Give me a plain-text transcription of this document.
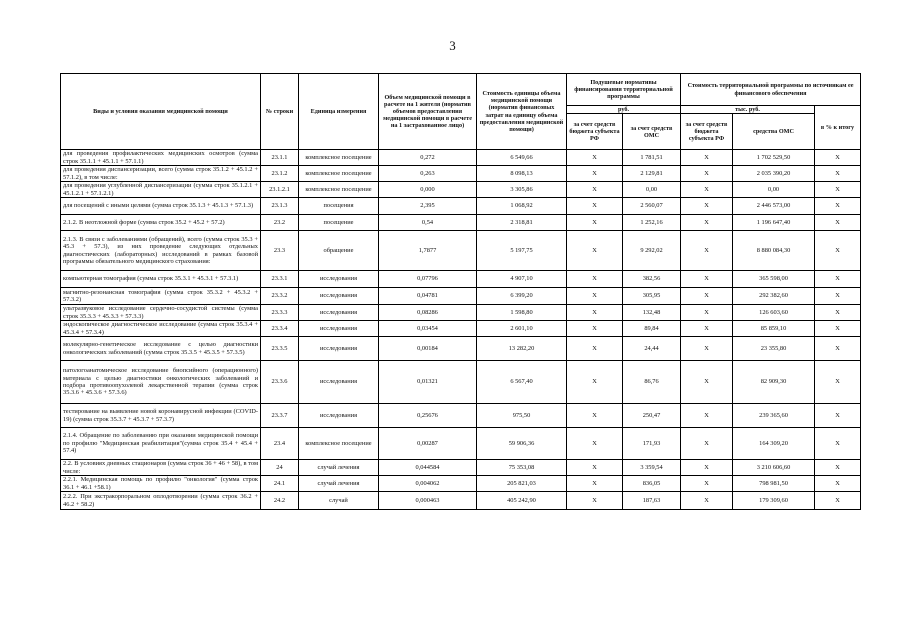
3
Виды и условия оказания медицинской помощи	№ строки	Единица измерения	Объем медицинской помощи в расчете на 1 жителя (норматив объемов предоставления медицинской помощи в расчете на 1 застрахованное лицо)	Стоимость единицы объема медицинской помощи (норматив финансовых затрат на единицу объема предоставления медицинской помощи)	Подушевые нормативы финансирования территориальной программы		Стоимость территориальной программы по источникам ее финансового обеспечения		
					руб.		тыс. руб.		в % к итогу
					за счет средств бюджета субъекта РФ	за счет средств ОМС	за счет средств бюджета субъекта РФ	средства ОМС	
для проведения профилактических медицинских осмотров (сумма строк 35.1.1 + 45.1.1 + 57.1.1)	23.1.1	комплексное посещение	0,272	6 549,66	X	1 781,51	X	1 702 529,50	X
для проведения диспансеризации, всего (сумма строк 35.1.2 + 45.1.2 + 57.1.2), в том числе:	23.1.2	комплексное посещение	0,263	8 098,13	X	2 129,81	X	2 035 390,20	X
для проведения углубленной диспансеризации (сумма строк 35.1.2.1 + 45.1.2.1 + 57.1.2.1)	23.1.2.1	комплексное посещение	0,000	3 305,86	X	0,00	X	0,00	X
для посещений с иными целями (сумма строк 35.1.3 + 45.1.3 + 57.1.3)	23.1.3	посещения	2,395	1 068,92	X	2 560,07	X	2 446 573,00	X
2.1.2. В неотложной форме (сумма строк 35.2 + 45.2 + 57.2)	23.2	посещение	0,54	2 318,81	X	1 252,16	X	1 196 647,40	X
2.1.3. В связи с заболеваниями (обращений), всего (сумма строк 35.3 + 45.3 + 57.3), из них проведение следующих отдельных диагностических (лабораторных) исследований в рамках базовой программы обязательного медицинского страхования:	23.3	обращение	1,7877	5 197,75	X	9 292,02	X	8 880 084,30	X
компьютерная томография (сумма строк 35.3.1 + 45.3.1 + 57.3.1)	23.3.1	исследования	0,07796	4 907,10	X	382,56	X	365 598,00	X
магнитно-резонансная томография (сумма строк 35.3.2 + 45.3.2 + 57.3.2)	23.3.2	исследования	0,04781	6 399,20	X	305,95	X	292 382,60	X
ультразвуковое исследование сердечно-сосудистой системы (сумма строк 35.3.3 + 45.3.3 + 57.3.3)	23.3.3	исследования	0,08286	1 598,80	X	132,48	X	126 603,60	X
эндоскопическое диагностическое исследование (сумма строк 35.3.4 + 45.3.4 + 57.3.4)	23.3.4	исследования	0,03454	2 601,10	X	89,84	X	85 859,10	X
молекулярно-генетическое исследование с целью диагностики онкологических заболеваний (сумма строк 35.3.5 + 45.3.5 + 57.3.5)	23.3.5	исследования	0,00184	13 282,20	X	24,44	X	23 355,80	X
патологоанатомическое исследование биопсийного (операционного) материала с целью диагностики онкологических заболеваний и подбора противоопухолевой лекарственной терапии (сумма строк 35.3.6 + 45.3.6 + 57.3.6)	23.3.6	исследования	0,01321	6 567,40	X	86,76	X	82 909,30	X
тестирование на выявление новой коронавирусной инфекции (COVID-19) (сумма строк 35.3.7 + 45.3.7 + 57.3.7)	23.3.7	исследования	0,25676	975,50	X	250,47	X	239 365,60	X
2.1.4. Обращение по заболеванию при оказании медицинской помощи по профилю "Медицинская реабилитация"(сумма строк 35.4 + 45.4 + 57.4)	23.4	комплексное посещение	0,00287	59 906,36	X	171,93	X	164 309,20	X
2.2. В условиях дневных стационаров (сумма строк 36 + 46 + 58), в том числе:	24	случай лечения	0,044584	75 353,08	X	3 359,54	X	3 210 606,60	X
2.2.1. Медицинская помощь по профилю "онкология" (сумма строк 36.1 + 46.1 +58.1)	24.1	случай лечения	0,004062	205 821,03	X	836,05	X	798 981,50	X
2.2.2. При экстракорпоральном оплодотворении (сумма строк 36.2 + 46.2 + 58.2)	24.2	случай	0,000463	405 242,90	X	187,63	X	179 309,60	X
